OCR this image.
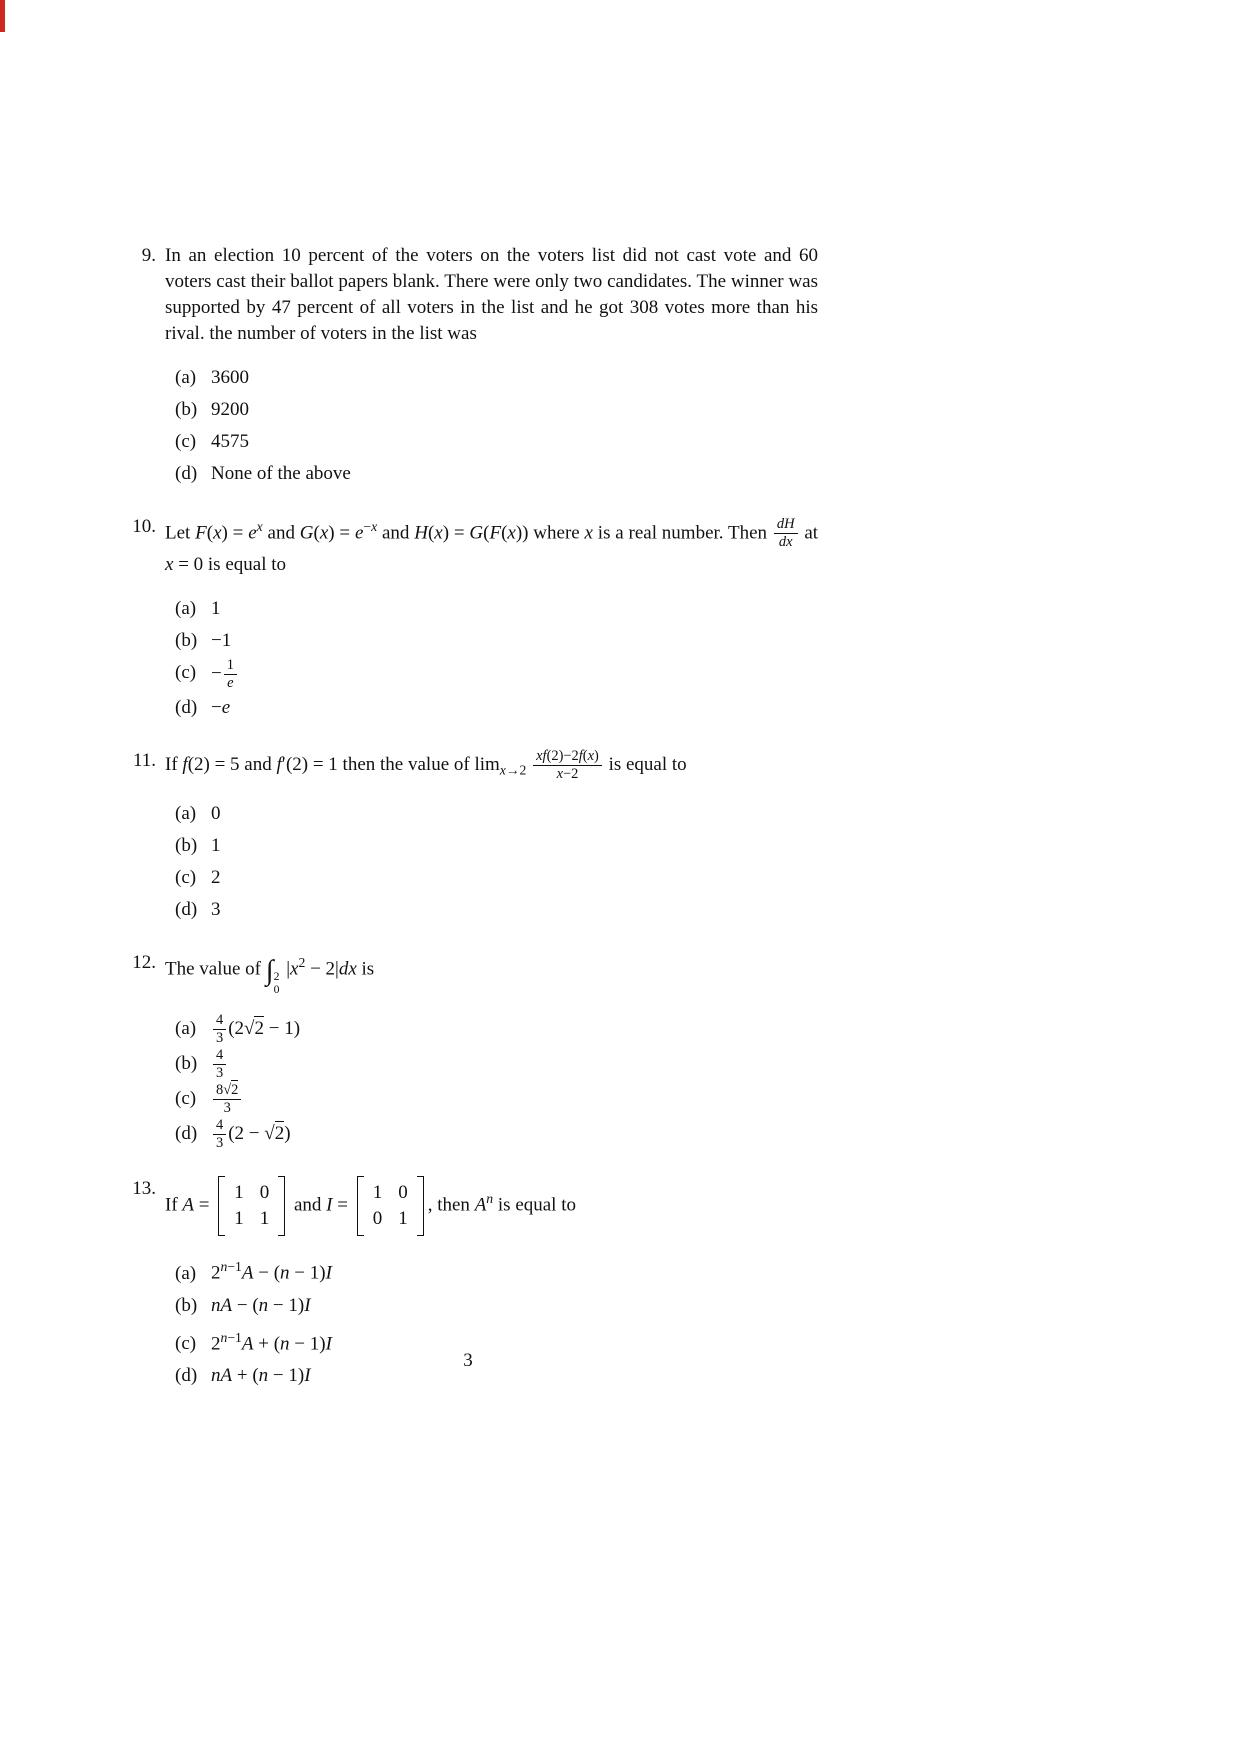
9. In an election 10 percent of the voters on the voters list did not cast vote and 60 voters cast their ballot papers blank. There were only two candidates. The winner was supported by 47 percent of all voters in the list and he got 308 votes more than his rival. the number of voters in the list was
(a) 3600
(b) 9200
(c) 4575
(d) None of the above
10. Let $F(x) = e^x$ and $G(x) = e^{-x}$ and H(x) = G(F(x)) where x is a real number. Then $\frac{dH}{dx}$ at x = 0 is equal to
(a) 1
(b) −1
$(c) - \frac{1}{e}$
(d) −e
11. If f(2) = 5 and f′(2) = 1 then the value of $\lim_{x\to 2} \frac{xf(2)-2f(x)}{x-2}$ is equal to
(a) 0
(b) 1
(c) 2
(d) 3
12. The value of ∫ 2
0
$|x^2 - 2|dx$ is
(a)	$\frac{4}{3} (2√2 - 1)$
(b)	$\frac{4}{3}$
(c)	$\frac{8√2}{3}$
(d)	$\frac{4}{3} (2 - √2)$
13.
If A =
1 0
1 1
and I =
1 0
0 1
, then $A^n$ is equal to
(a) $2^{n-1}A - (n - 1)I$
(b) nA − (n − 1)I
(c) $2^{n-1}A + (n - 1)I$
(d) nA + (n − 1)I
3
